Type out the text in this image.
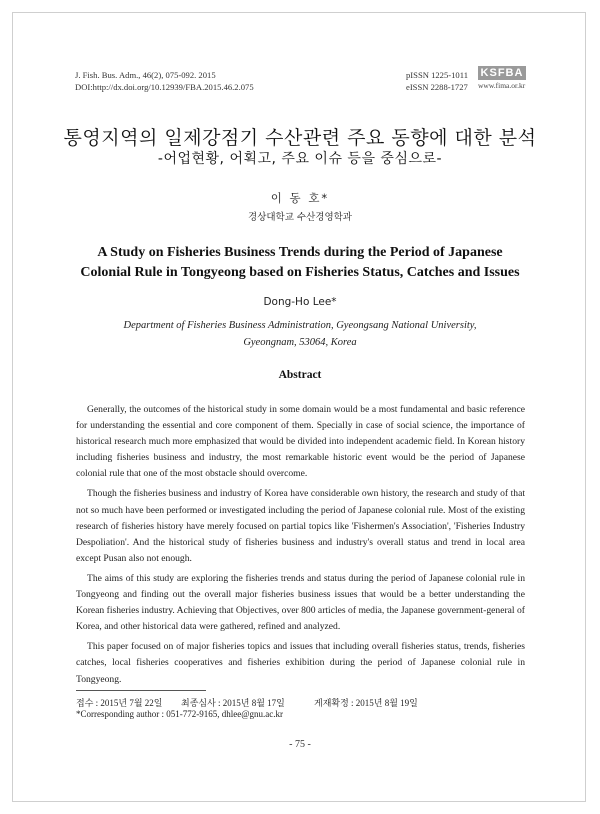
J. Fish. Bus. Adm., 46(2), 075-092. 2015
DOI:http://dx.doi.org/10.12939/FBA.2015.46.2.075
pISSN 1225-1011
eISSN 2288-1727
KSFBA
www.fima.or.kr
통영지역의 일제강점기 수산관련 주요 동향에 대한 분석
-어업현황, 어획고, 주요 이슈 등을 중심으로-
이 동 호*
경상대학교 수산경영학과
A Study on Fisheries Business Trends during the Period of Japanese
Colonial Rule in Tongyeong based on Fisheries Status, Catches and Issues
Dong-Ho Lee*
Department of Fisheries Business Administration, Gyeongsang National University,
Gyeongnam, 53064, Korea
Abstract

Generally, the outcomes of the historical study in some domain would be a most fundamental and basic reference for understanding the essential and core component of them. Specially in case of social science, the importance of historical research much more emphasized that would be divided into independent academic field. In Korean history including fisheries business and industry, the most remarkable historic event would be the period of Japanese colonial rule that one of the most obstacle should overcome.

Though the fisheries business and industry of Korea have considerable own history, the research and study of that not so much have been performed or investigated including the period of Japanese colonial rule. Most of the existing research of fisheries history have merely focused on partial topics like 'Fishermen's Association', 'Fisheries Industry Despoliation'. And the historical study of fisheries business and industry's overall status and trend in local area except Pusan also not enough.

The aims of this study are exploring the fisheries trends and status during the period of Japanese colonial rule in Tongyeong and finding out the overall major fisheries business issues that would be a better understanding the Korean fisheries industry. Achieving that Objectives, over 800 articles of media, the Japanese government-general of Korea, and other historical data were gathered, refined and analyzed.

This paper focused on of major fisheries topics and issues that including overall fisheries status, trends, fisheries catches, local fisheries cooperatives and fisheries exhibition during the period of Japanese colonial rule in Tongyeong.

접수 : 2015년 7월 22일	최종심사 : 2015년 8월 17일	게재확정 : 2015년 8월 19일
*Corresponding author : 051-772-9165, dhlee@gnu.ac.kr
- 75 -
